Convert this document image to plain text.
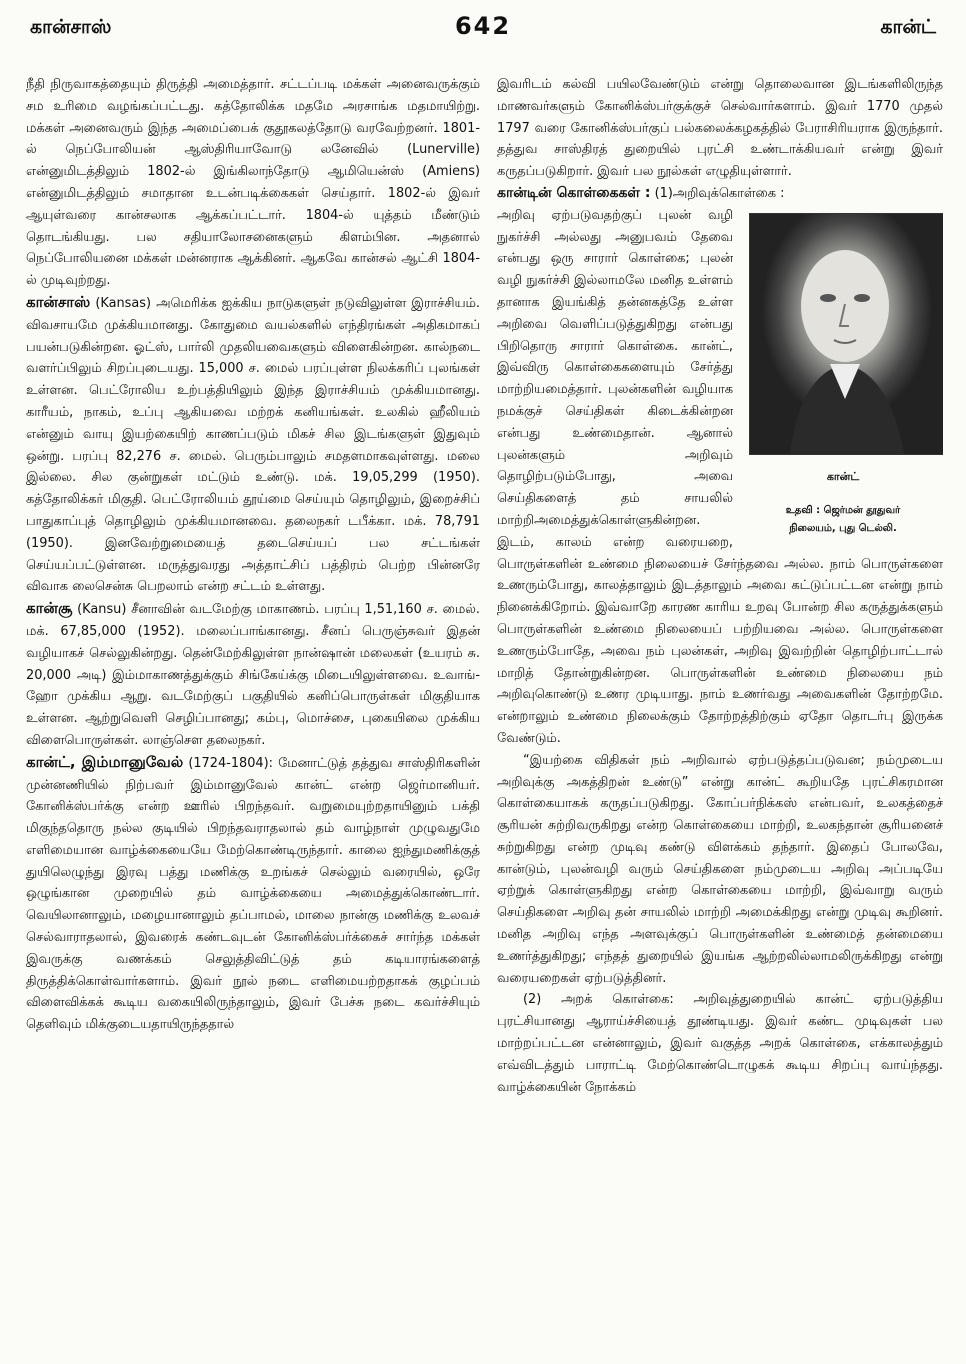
கான்சாஸ்	642	கான்ட்

நீதி நிருவாகத்தையும் திருத்தி அமைத்தார். சட்டப்படி மக்கள் அனைவருக்கும் சம உரிமை வழங்கப்பட்டது. கத்தோலிக்க மதமே அரசாங்க மதமாயிற்று. மக்கள் அனைவரும் இந்த அமைப்பைக் குதூகலத்தோடு வரவேற்றனர். 1801-ல் நெப்போலியன் ஆஸ்திரியாவோடு லனேவில் (Lunerville) என்னுமிடத்திலும் 1802-ல் இங்கிலாந்தோடு ஆமியென்ஸ் (Amiens) என்னுமிடத்திலும் சமாதான உடன்படிக்கைகள் செய்தார். 1802-ல் இவர் ஆயுள்வரை கான்சலாக ஆக்கப்பட்டார். 1804-ல் யுத்தம் மீண்டும் தொடங்கியது. பல சதியாலோசனைகளும் கிளம்பின. அதனால் நெப்போலியனை மக்கள் மன்னராக ஆக்கினர். ஆகவே கான்சல் ஆட்சி 1804-ல் முடிவுற்றது.

கான்சாஸ் (Kansas) அமெரிக்க ஐக்கிய நாடுகளுள் நடுவிலுள்ள இராச்சியம். விவசாயமே முக்கியமானது. கோதுமை வயல்களில் எந்திரங்கள் அதிகமாகப் பயன்படுகின்றன. ஓட்ஸ், பார்லி முதலியவைகளும் விளைகின்றன. கால்நடை வளர்ப்பிலும் சிறப்புடையது. 15,000 ச. மைல் பரப்புள்ள நிலக்கரிப் புலங்கள் உள்ளன. பெட்ரோலிய உற்பத்தியிலும் இந்த இராச்சியம் முக்கியமானது. காரீயம், நாகம், உப்பு ஆகியவை மற்றக் கனியங்கள். உலகில் ஹீலியம் என்னும் வாயு இயற்கையிற் காணப்படும் மிகச் சில இடங்களுள் இதுவும் ஒன்று. பரப்பு 82,276 ச. மைல். பெரும்பாலும் சமதளமாகவுள்ளது. மலை இல்லை. சில குன்றுகள் மட்டும் உண்டு. மக். 19,05,299 (1950). கத்தோலிக்கர் மிகுதி. பெட்ரோலியம் தூய்மை செய்யும் தொழிலும், இறைச்சிப் பாதுகாப்புத் தொழிலும் முக்கியமானவை. தலைநகர் டபீக்கா. மக். 78,791 (1950). இனவேற்றுமையைத் தடைசெய்யப் பல சட்டங்கள் செய்யப்பட்டுள்ளன. மருத்துவரது அத்தாட்சிப் பத்திரம் பெற்ற பின்னரே விவாக லைசென்சு பெறலாம் என்ற சட்டம் உள்ளது.

கான்சூ (Kansu) சீனாவின் வடமேற்கு மாகாணம். பரப்பு 1,51,160 ச. மைல். மக். 67,85,000 (1952). மலைப்பாங்கானது. சீனப் பெருஞ்சுவர் இதன் வழியாகச் செல்லுகின்றது. தென்மேற்கிலுள்ள நான்ஷான் மலைகள் (உயரம் சு. 20,000 அடி) இம்மாகாணத்துக்கும் சிங்கேய்க்கு மிடையிலுள்ளவை. உவாங்-ஹோ முக்கிய ஆறு. வடமேற்குப் பகுதியில் கனிப்பொருள்கள் மிகுதியாக உள்ளன. ஆற்றுவெளி செழிப்பானது; கம்பு, மொச்சை, புகையிலை முக்கிய விளைபொருள்கள். லாஞ்சௌ தலைநகர்.

கான்ட், இம்மானுவேல் (1724-1804): மேனாட்டுத் தத்துவ சாஸ்திரிகளின் முன்னணியில் நிற்பவர் இம்மானுவேல் கான்ட் என்ற ஜெர்மானியர். கோனிக்ஸ்பர்க்கு என்ற ஊரில் பிறந்தவர். வறுமையுற்றதாயினும் பக்தி மிகுந்ததொரு நல்ல குடியில் பிறந்தவராதலால் தம் வாழ்நாள் முழுவதுமே எளிமையான வாழ்க்கையையே மேற்கொண்டிருந்தார். காலை ஐந்துமணிக்குத் துயிலெழுந்து இரவு பத்து மணிக்கு உறங்கச் செல்லும் வரையில், ஒரே ஒழுங்கான முறையில் தம் வாழ்க்கையை அமைத்துக்கொண்டார். வெயிலானாலும், மழையானாலும் தப்பாமல், மாலை நான்கு மணிக்கு உலவச் செல்வாராதலால், இவரைக் கண்டவுடன் கோனிக்ஸ்பர்க்கைச் சார்ந்த மக்கள் இவருக்கு வணக்கம் செலுத்திவிட்டுத் தம் கடியாரங்களைத் திருத்திக்கொள்வார்களாம். இவர் நூல் நடை எளிமையற்றதாகக் குழப்பம் விளைவிக்கக் கூடிய வகையிலிருந்தாலும், இவர் பேச்சு நடை கவர்ச்சியும் தெளிவும் மிக்குடையதாயிருந்ததால்

இவரிடம் கல்வி பயிலவேண்டும் என்று தொலைவான இடங்களிலிருந்த மாணவர்களும் கோனிக்ஸ்பர்குக்குச் செல்வார்களாம். இவர் 1770 முதல் 1797 வரை கோனிக்ஸ்பர்குப் பல்கலைக்கழகத்தில் பேராசிரியராக இருந்தார். தத்துவ சாஸ்திரத் துறையில் புரட்சி உண்டாக்கியவர் என்று இவர் கருதப்படுகிறார். இவர் பல நூல்கள் எழுதியுள்ளார்.

கான்டின் கொள்கைகள் : (1)அறிவுக்கொள்கை :

கான்ட்
உதவி : ஜெர்மன் தூதுவர்
நிலையம், புது டெல்லி.

அறிவு ஏற்படுவதற்குப் புலன் வழி நுகர்ச்சி அல்லது அனுபவம் தேவை என்பது ஒரு சாரார் கொள்கை; புலன் வழி நுகர்ச்சி இல்லாமலே மனித உள்ளம் தானாக இயங்கித் தன்னகத்தே உள்ள அறிவை வெளிப்படுத்துகிறது என்பது பிறிதொரு சாரார் கொள்கை. கான்ட், இவ்விரு கொள்கைகளையும் சேர்த்து மாற்றியமைத்தார். புலன்களின் வழியாக நமக்குச் செய்திகள் கிடைக்கின்றன என்பது உண்மைதான். ஆனால் புலன்களும் அறிவும் தொழிற்படும்போது, அவை செய்திகளைத் தம் சாயலில் மாற்றிஅமைத்துக்கொள்ளுகின்றன. இடம், காலம் என்ற வரையறை, பொருள்களின் உண்மை நிலையைச் சேர்ந்தவை அல்ல. நாம் பொருள்களை உணரும்போது, காலத்தாலும் இடத்தாலும் அவை கட்டுப்பட்டன என்று நாம் நினைக்கிறோம். இவ்வாறே காரண காரிய உறவு போன்ற சில கருத்துக்களும் பொருள்களின் உண்மை நிலையைப் பற்றியவை அல்ல. பொருள்களை உணரும்போதே, அவை நம் புலன்கள், அறிவு இவற்றின் தொழிற்பாட்டால் மாறித் தோன்றுகின்றன. பொருள்களின் உண்மை நிலையை நம் அறிவுகொண்டு உணர முடியாது. நாம் உணர்வது அவைகளின் தோற்றமே. என்றாலும் உண்மை நிலைக்கும் தோற்றத்திற்கும் ஏதோ தொடர்பு இருக்க வேண்டும்.

“இயற்கை விதிகள் நம் அறிவால் ஏற்படுத்தப்படுவன; நம்முடைய அறிவுக்கு அகத்திறன் உண்டு” என்று கான்ட் கூறியதே புரட்சிகரமான கொள்கையாகக் கருதப்படுகிறது. கோப்பர்நிக்கஸ் என்பவர், உலகத்தைச் சூரியன் சுற்றிவருகிறது என்ற கொள்கையை மாற்றி, உலகந்தான் சூரியனைச் சுற்றுகிறது என்ற முடிவு கண்டு விளக்கம் தந்தார். இதைப் போலவே, கான்டும், புலன்வழி வரும் செய்திகளை நம்முடைய அறிவு அப்படியே ஏற்றுக் கொள்ளுகிறது என்ற கொள்கையை மாற்றி, இவ்வாறு வரும் செய்திகளை அறிவு தன் சாயலில் மாற்றி அமைக்கிறது என்று முடிவு கூறினர். மனித அறிவு எந்த அளவுக்குப் பொருள்களின் உண்மைத் தன்மையை உணர்த்துகிறது; எந்தத் துறையில் இயங்க ஆற்றலில்லாமலிருக்கிறது என்று வரையறைகள் ஏற்படுத்தினர்.

(2) அறக் கொள்கை: அறிவுத்துறையில் கான்ட் ஏற்படுத்திய புரட்சியானது ஆராய்ச்சியைத் தூண்டியது. இவர் கண்ட முடிவுகள் பல மாற்றப்பட்டன என்னாலும், இவர் வகுத்த அறக் கொள்கை, எக்காலத்தும் எவ்விடத்தும் பாராட்டி மேற்கொண்டொழுகக் கூடிய சிறப்பு வாய்ந்தது. வாழ்க்கையின் நோக்கம்
